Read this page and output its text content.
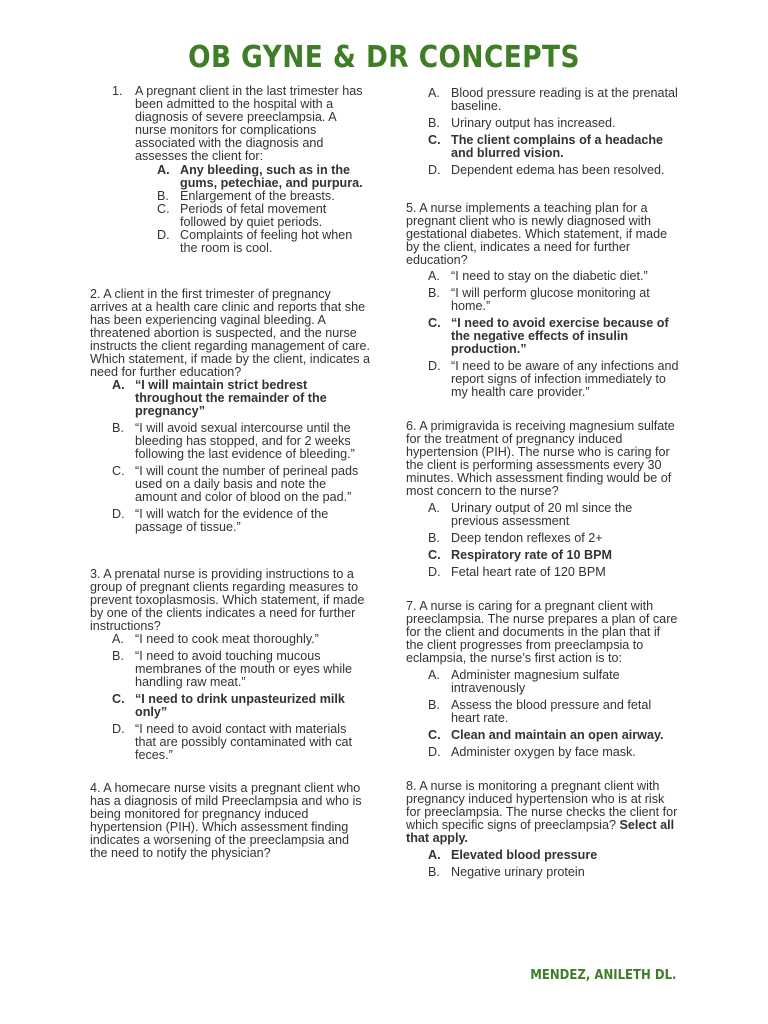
OB GYNE & DR CONCEPTS
1. A pregnant client in the last trimester has been admitted to the hospital with a diagnosis of severe preeclampsia. A nurse monitors for complications associated with the diagnosis and assesses the client for:
A. Any bleeding, such as in the gums, petechiae, and purpura.
B. Enlargement of the breasts.
C. Periods of fetal movement followed by quiet periods.
D. Complaints of feeling hot when the room is cool.
2. A client in the first trimester of pregnancy arrives at a health care clinic and reports that she has been experiencing vaginal bleeding. A threatened abortion is suspected, and the nurse instructs the client regarding management of care. Which statement, if made by the client, indicates a need for further education?
A. “I will maintain strict bedrest throughout the remainder of the pregnancy”
B. “I will avoid sexual intercourse until the bleeding has stopped, and for 2 weeks following the last evidence of bleeding.”
C. “I will count the number of perineal pads used on a daily basis and note the amount and color of blood on the pad.”
D. “I will watch for the evidence of the passage of tissue.”
3. A prenatal nurse is providing instructions to a group of pregnant clients regarding measures to prevent toxoplasmosis. Which statement, if made by one of the clients indicates a need for further instructions?
A. “I need to cook meat thoroughly.”
B. “I need to avoid touching mucous membranes of the mouth or eyes while handling raw meat.”
C. “I need to drink unpasteurized milk only”
D. “I need to avoid contact with materials that are possibly contaminated with cat feces.”
4. A homecare nurse visits a pregnant client who has a diagnosis of mild Preeclampsia and who is being monitored for pregnancy induced hypertension (PIH). Which assessment finding indicates a worsening of the preeclampsia and the need to notify the physician?
A. Blood pressure reading is at the prenatal baseline.
B. Urinary output has increased.
C. The client complains of a headache and blurred vision.
D. Dependent edema has been resolved.
5. A nurse implements a teaching plan for a pregnant client who is newly diagnosed with gestational diabetes. Which statement, if made by the client, indicates a need for further education?
A. “I need to stay on the diabetic diet.”
B. “I will perform glucose monitoring at home.”
C. “I need to avoid exercise because of the negative effects of insulin production.”
D. “I need to be aware of any infections and report signs of infection immediately to my health care provider.”
6. A primigravida is receiving magnesium sulfate for the treatment of pregnancy induced hypertension (PIH). The nurse who is caring for the client is performing assessments every 30 minutes. Which assessment finding would be of most concern to the nurse?
A. Urinary output of 20 ml since the previous assessment
B. Deep tendon reflexes of 2+
C. Respiratory rate of 10 BPM
D. Fetal heart rate of 120 BPM
7. A nurse is caring for a pregnant client with preeclampsia. The nurse prepares a plan of care for the client and documents in the plan that if the client progresses from preeclampsia to eclampsia, the nurse’s first action is to:
A. Administer magnesium sulfate intravenously
B. Assess the blood pressure and fetal heart rate.
C. Clean and maintain an open airway.
D. Administer oxygen by face mask.
8. A nurse is monitoring a pregnant client with pregnancy induced hypertension who is at risk for preeclampsia. The nurse checks the client for which specific signs of preeclampsia? Select all that apply.
A. Elevated blood pressure
B. Negative urinary protein
MENDEZ, ANILETH DL.
